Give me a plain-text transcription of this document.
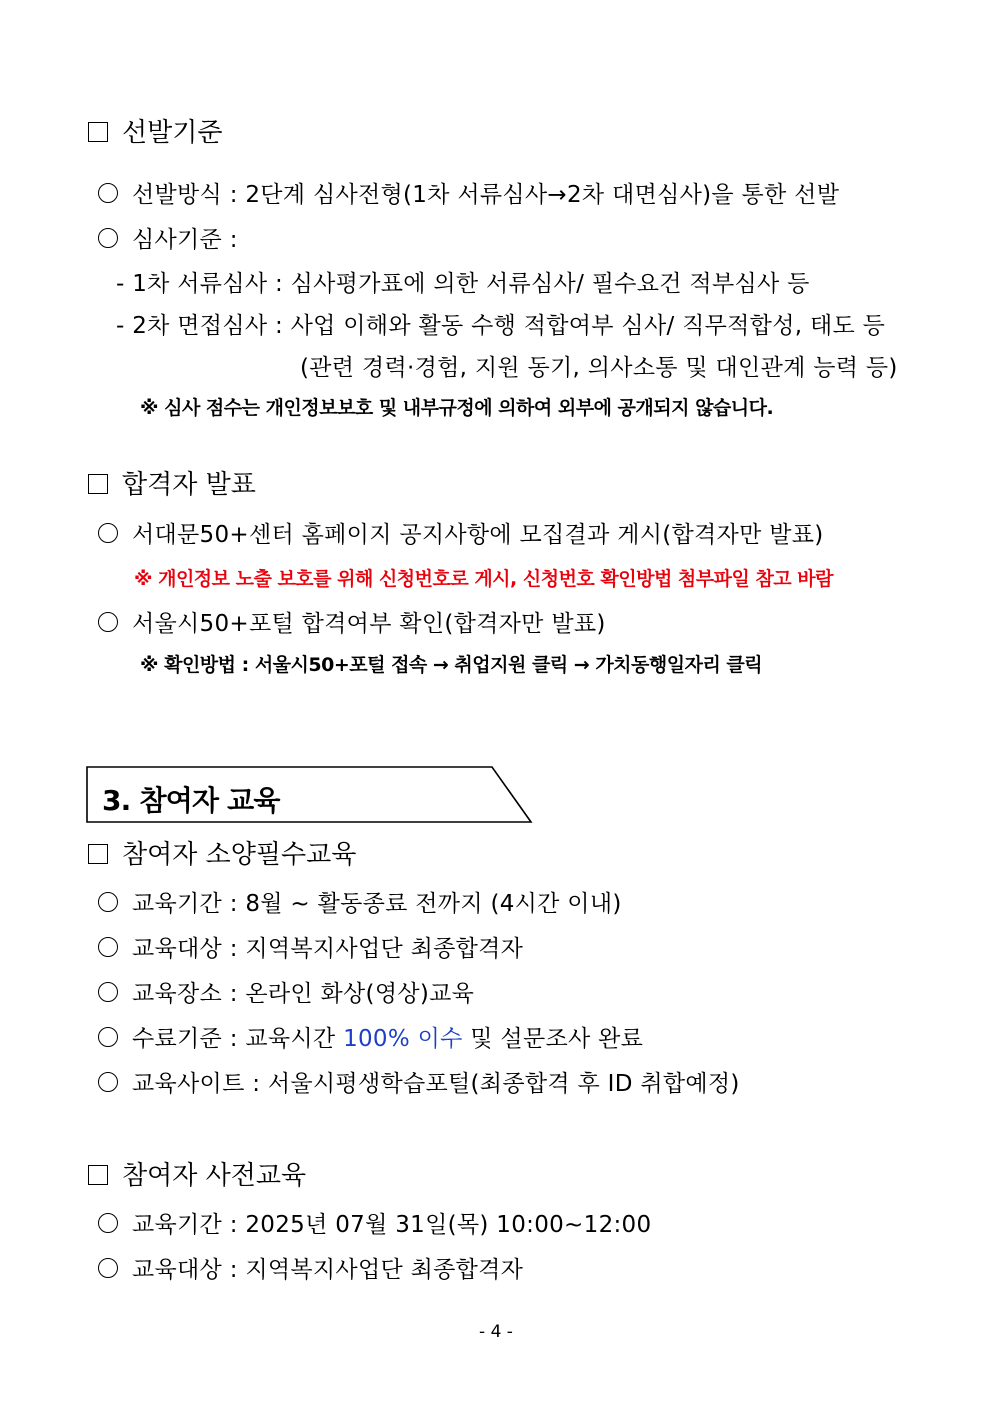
선발기준
선발방식 : 2단계 심사전형(1차 서류심사→2차 대면심사)을 통한 선발
심사기준 :
- 1차 서류심사 : 심사평가표에 의한 서류심사/ 필수요건 적부심사 등
- 2차 면접심사 : 사업 이해와 활동 수행 적합여부 심사/ 직무적합성, 태도 등
(관련 경력·경험, 지원 동기, 의사소통 및 대인관계 능력 등)
※ 심사 점수는 개인정보보호 및 내부규정에 의하여 외부에 공개되지 않습니다.
합격자 발표
서대문50+센터 홈페이지 공지사항에 모집결과 게시(합격자만 발표)
※ 개인정보 노출 보호를 위해 신청번호로 게시, 신청번호 확인방법 첨부파일 참고 바람
서울시50+포털 합격여부 확인(합격자만 발표)
※ 확인방법 : 서울시50+포털 접속 → 취업지원 클릭 → 가치동행일자리 클릭
3. 참여자 교육
참여자 소양필수교육
교육기간 : 8월 ~ 활동종료 전까지 (4시간 이내)
교육대상 : 지역복지사업단 최종합격자
교육장소 : 온라인 화상(영상)교육
수료기준 : 교육시간 100% 이수 및 설문조사 완료
교육사이트 : 서울시평생학습포털(최종합격 후 ID 취합예정)
참여자 사전교육
교육기간 : 2025년 07월 31일(목) 10:00~12:00
교육대상 : 지역복지사업단 최종합격자
- 4 -
